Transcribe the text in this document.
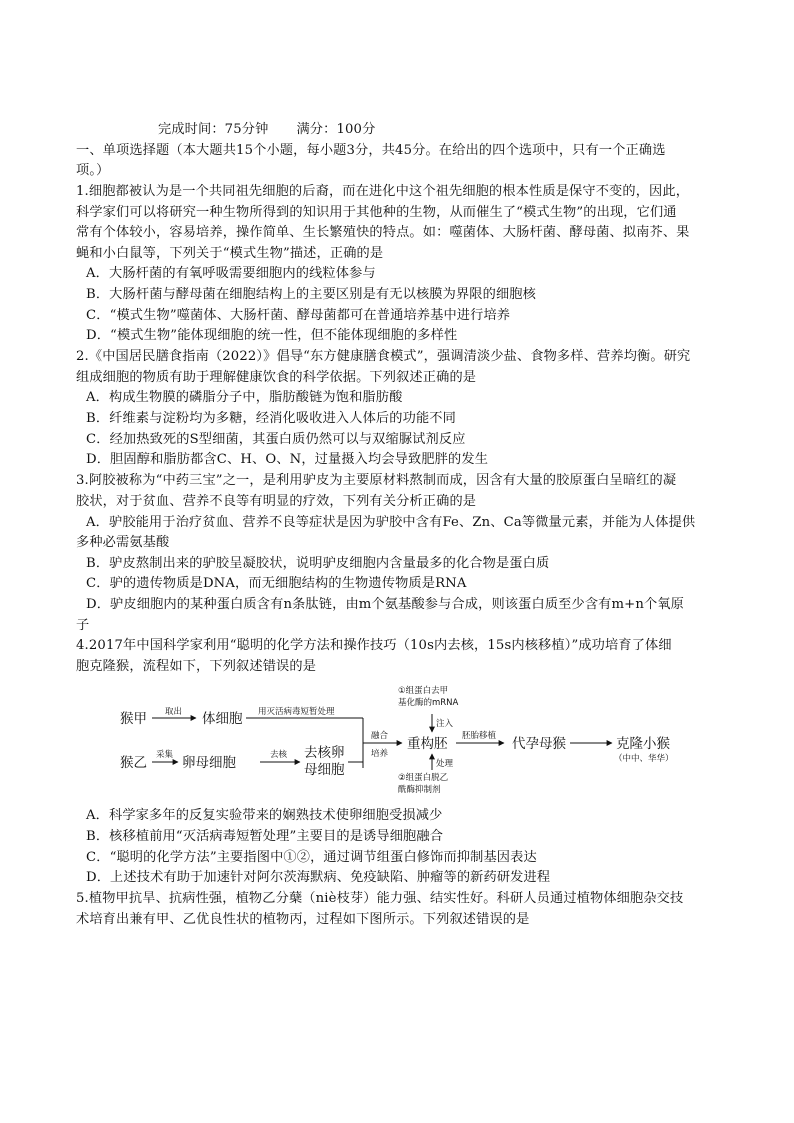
完成时间：75分钟 满分：100分
一、单项选择题（本大题共15个小题，每小题3分，共45分。在给出的四个选项中，只有一个正确选
项。）
1.细胞都被认为是一个共同祖先细胞的后裔，而在进化中这个祖先细胞的根本性质是保守不变的，因此，
科学家们可以将研究一种生物所得到的知识用于其他种的生物，从而催生了“模式生物”的出现，它们通
常有个体较小，容易培养，操作简单、生长繁殖快的特点。如：噬菌体、大肠杆菌、酵母菌、拟南芥、果
蝇和小白鼠等，下列关于“模式生物”描述，正确的是
A．大肠杆菌的有氧呼吸需要细胞内的线粒体参与
B．大肠杆菌与酵母菌在细胞结构上的主要区别是有无以核膜为界限的细胞核
C．“模式生物”噬菌体、大肠杆菌、酵母菌都可在普通培养基中进行培养
D．“模式生物”能体现细胞的统一性，但不能体现细胞的多样性
2.《中国居民膳食指南（2022）》倡导“东方健康膳食模式”，强调清淡少盐、食物多样、营养均衡。研究
组成细胞的物质有助于理解健康饮食的科学依据。下列叙述正确的是
A．构成生物膜的磷脂分子中，脂肪酸链为饱和脂肪酸
B．纤维素与淀粉均为多糖，经消化吸收进入人体后的功能不同
C．经加热致死的S型细菌，其蛋白质仍然可以与双缩脲试剂反应
D．胆固醇和脂肪都含C、H、O、N，过量摄入均会导致肥胖的发生
3.阿胶被称为“中药三宝”之一，是利用驴皮为主要原材料熬制而成，因含有大量的胶原蛋白呈暗红的凝
胶状，对于贫血、营养不良等有明显的疗效，下列有关分析正确的是
A．驴胶能用于治疗贫血、营养不良等症状是因为驴胶中含有Fe、Zn、Ca等微量元素，并能为人体提供
多种必需氨基酸
B．驴皮熬制出来的驴胶呈凝胶状，说明驴皮细胞内含量最多的化合物是蛋白质
C．驴的遗传物质是DNA，而无细胞结构的生物遗传物质是RNA
D．驴皮细胞内的某种蛋白质含有n条肽链，由m个氨基酸参与合成，则该蛋白质至少含有m+n个氧原
子
4.2017年中国科学家利用“聪明的化学方法和操作技巧（10s内去核，15s内核移植）”成功培育了体细
胞克隆猴，流程如下，下列叙述错误的是
猴甲 取出 体细胞 用灭活病毒短暂处理
猴乙 采集 卵母细胞	去核 去核卵
母细胞
融合
培养
①组蛋白去甲
基化酶的mRNA
注入
重构胚
处理
②组蛋白脱乙
酰酶抑制剂
胚胎移植 代孕母猴	克隆小猴
（中中、华华）
A．科学家多年的反复实验带来的娴熟技术使卵细胞受损减少
B．核移植前用“灭活病毒短暂处理”主要目的是诱导细胞融合
C．“聪明的化学方法”主要指图中①②，通过调节组蛋白修饰而抑制基因表达
D．上述技术有助于加速针对阿尔茨海默病、免疫缺陷、肿瘤等的新药研发进程
5.植物甲抗旱、抗病性强，植物乙分蘖（niè枝芽）能力强、结实性好。科研人员通过植物体细胞杂交技
术培育出兼有甲、乙优良性状的植物丙，过程如下图所示。下列叙述错误的是
